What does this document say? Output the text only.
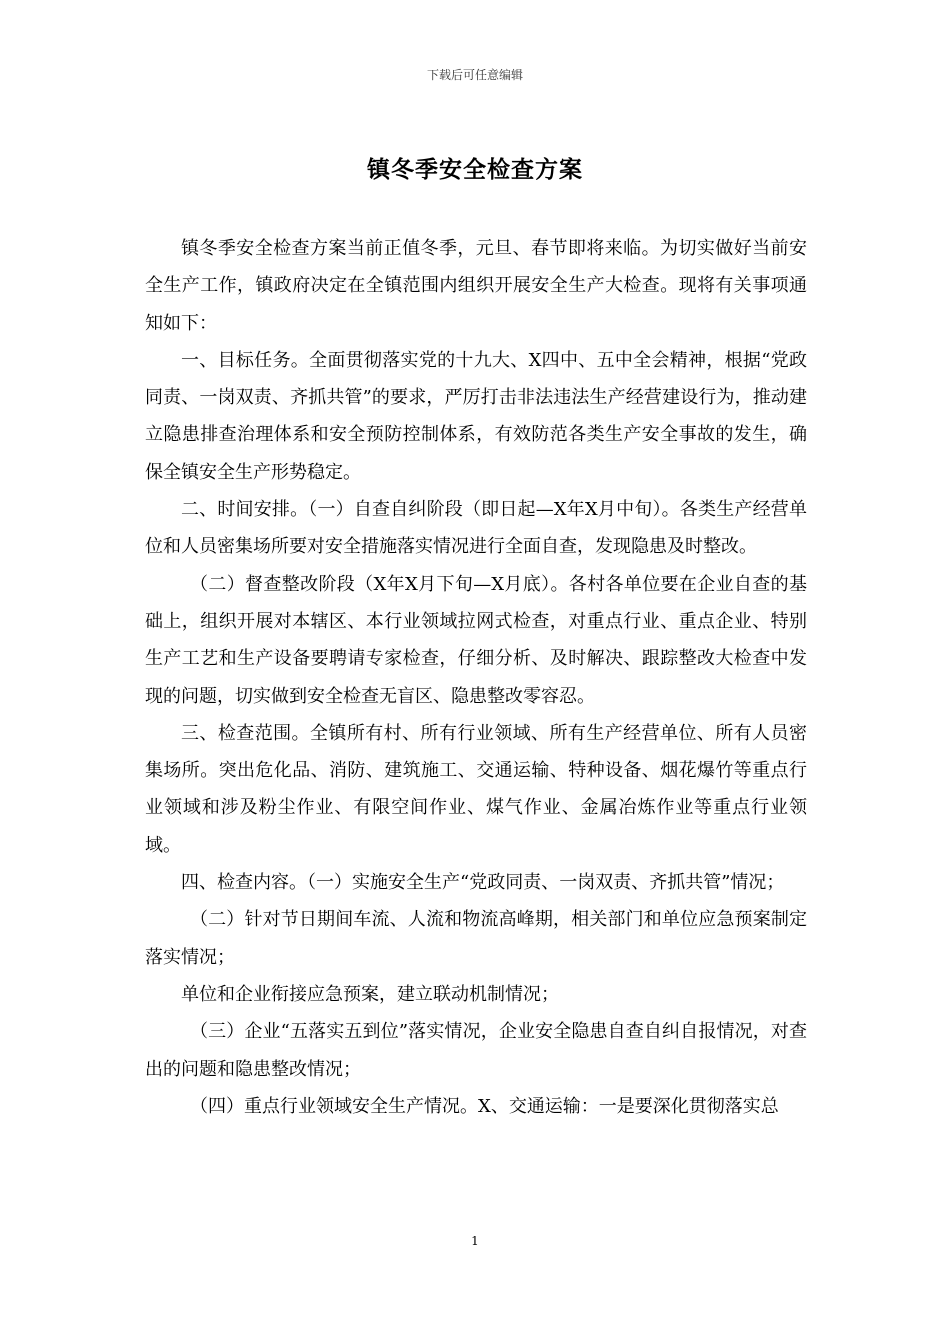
下载后可任意编辑
镇冬季安全检查方案

镇冬季安全检查方案当前正值冬季，元旦、春节即将来临。为切实做好当前安全生产工作，镇政府决定在全镇范围内组织开展安全生产大检查。现将有关事项通知如下：

一、目标任务。全面贯彻落实党的十九大、X四中、五中全会精神，根据“党政同责、一岗双责、齐抓共管”的要求，严厉打击非法违法生产经营建设行为，推动建立隐患排查治理体系和安全预防控制体系，有效防范各类生产安全事故的发生，确保全镇安全生产形势稳定。

二、时间安排。（一）自查自纠阶段（即日起—X年X月中旬）。各类生产经营单位和人员密集场所要对安全措施落实情况进行全面自查，发现隐患及时整改。

（二）督查整改阶段（X年X月下旬—X月底）。各村各单位要在企业自查的基础上，组织开展对本辖区、本行业领域拉网式检查，对重点行业、重点企业、特别生产工艺和生产设备要聘请专家检查，仔细分析、及时解决、跟踪整改大检查中发现的问题，切实做到安全检查无盲区、隐患整改零容忍。

三、检查范围。全镇所有村、所有行业领域、所有生产经营单位、所有人员密集场所。突出危化品、消防、建筑施工、交通运输、特种设备、烟花爆竹等重点行业领域和涉及粉尘作业、有限空间作业、煤气作业、金属冶炼作业等重点行业领域。

四、检查内容。（一）实施安全生产“党政同责、一岗双责、齐抓共管”情况；

（二）针对节日期间车流、人流和物流高峰期，相关部门和单位应急预案制定落实情况；

单位和企业衔接应急预案，建立联动机制情况；

（三）企业“五落实五到位”落实情况，企业安全隐患自查自纠自报情况，对查出的问题和隐患整改情况；

（四）重点行业领域安全生产情况。X、交通运输：一是要深化贯彻落实总

1
